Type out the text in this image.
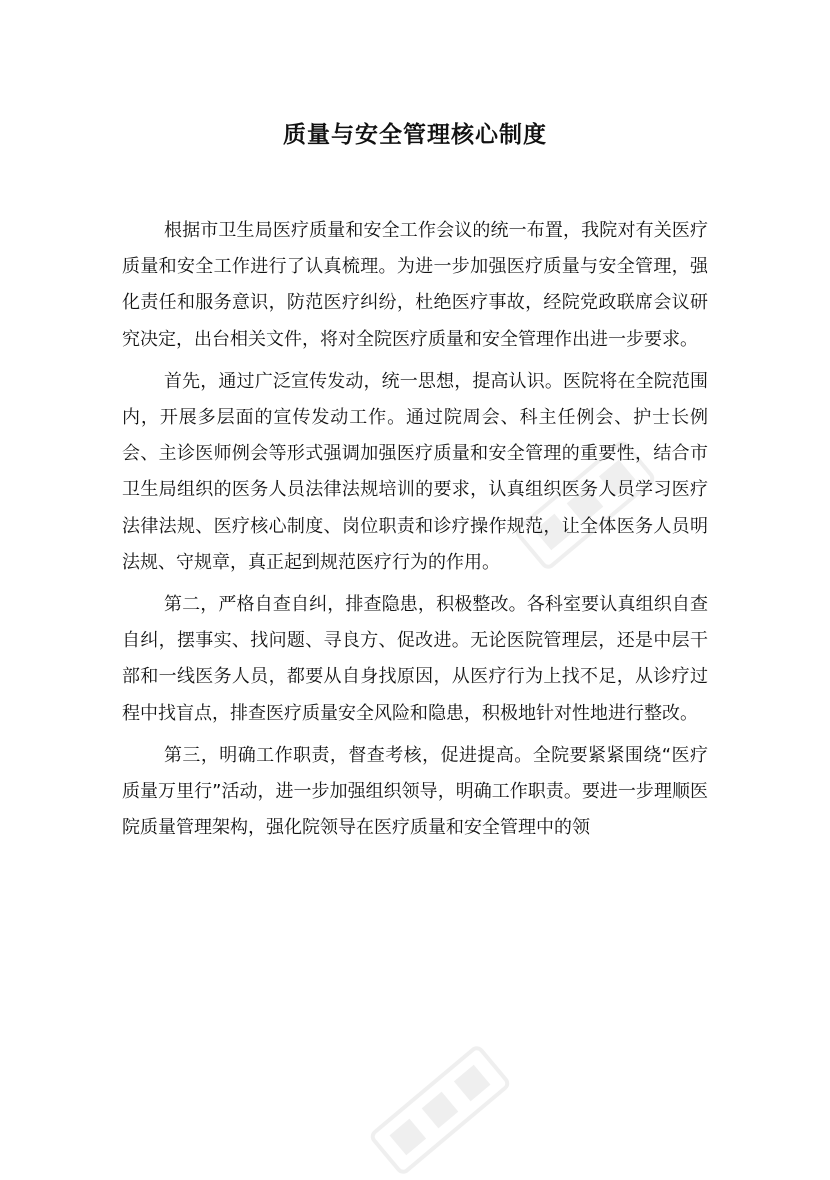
质量与安全管理核心制度

根据市卫生局医疗质量和安全工作会议的统一布置，我院对有关医疗质量和安全工作进行了认真梳理。为进一步加强医疗质量与安全管理，强化责任和服务意识，防范医疗纠纷，杜绝医疗事故，经院党政联席会议研究决定，出台相关文件，将对全院医疗质量和安全管理作出进一步要求。

首先，通过广泛宣传发动，统一思想，提高认识。医院将在全院范围内，开展多层面的宣传发动工作。通过院周会、科主任例会、护士长例会、主诊医师例会等形式强调加强医疗质量和安全管理的重要性，结合市卫生局组织的医务人员法律法规培训的要求，认真组织医务人员学习医疗法律法规、医疗核心制度、岗位职责和诊疗操作规范，让全体医务人员明法规、守规章，真正起到规范医疗行为的作用。

第二，严格自查自纠，排查隐患，积极整改。各科室要认真组织自查自纠，摆事实、找问题、寻良方、促改进。无论医院管理层，还是中层干部和一线医务人员，都要从自身找原因，从医疗行为上找不足，从诊疗过程中找盲点，排查医疗质量安全风险和隐患，积极地针对性地进行整改。

第三，明确工作职责，督查考核，促进提高。全院要紧紧围绕“医疗质量万里行”活动，进一步加强组织领导，明确工作职责。要进一步理顺医院质量管理架构，强化院领导在医疗质量和安全管理中的领
